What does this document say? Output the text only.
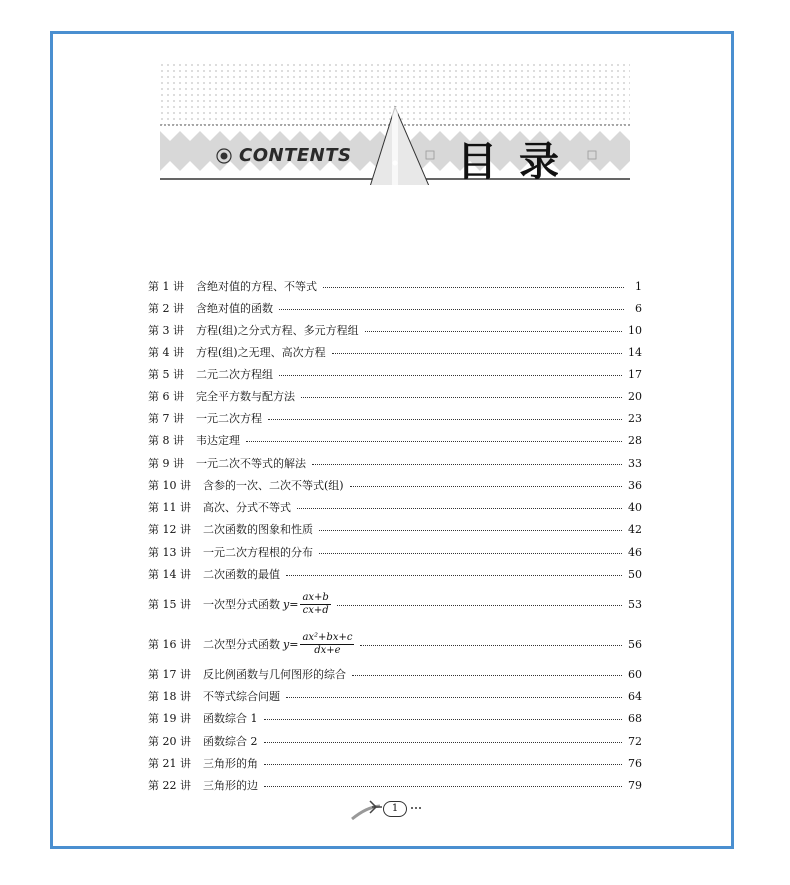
CONTENTS	目录
第 1 讲 含绝对值的方程、不等式	1
第 2 讲 含绝对值的函数	6
第 3 讲 方程(组)之分式方程、多元方程组	10
第 4 讲 方程(组)之无理、高次方程	14
第 5 讲 二元二次方程组	17
第 6 讲 完全平方数与配方法	20
第 7 讲 一元二次方程	23
第 8 讲 韦达定理	28
第 9 讲 一元二次不等式的解法	33
第 10 讲 含参的一次、二次不等式(组)	36
第 11 讲 高次、分式不等式	40
第 12 讲 二次函数的图象和性质	42
第 13 讲 一元二次方程根的分布	46
第 14 讲 二次函数的最值	50
第 15 讲 一次型分式函数 $y= \frac{ax+b}{cx+d}$	53
第 16 讲 二次型分式函数 $y= \frac{\text{ax²+bx+c}}{dx+e}$	56
第 17 讲 反比例函数与几何图形的综合	60
第 18 讲 不等式综合问题	64
第 19 讲 函数综合 1	68
第 20 讲 函数综合 2	72
第 21 讲 三角形的角	76
第 22 讲 三角形的边	79
1
